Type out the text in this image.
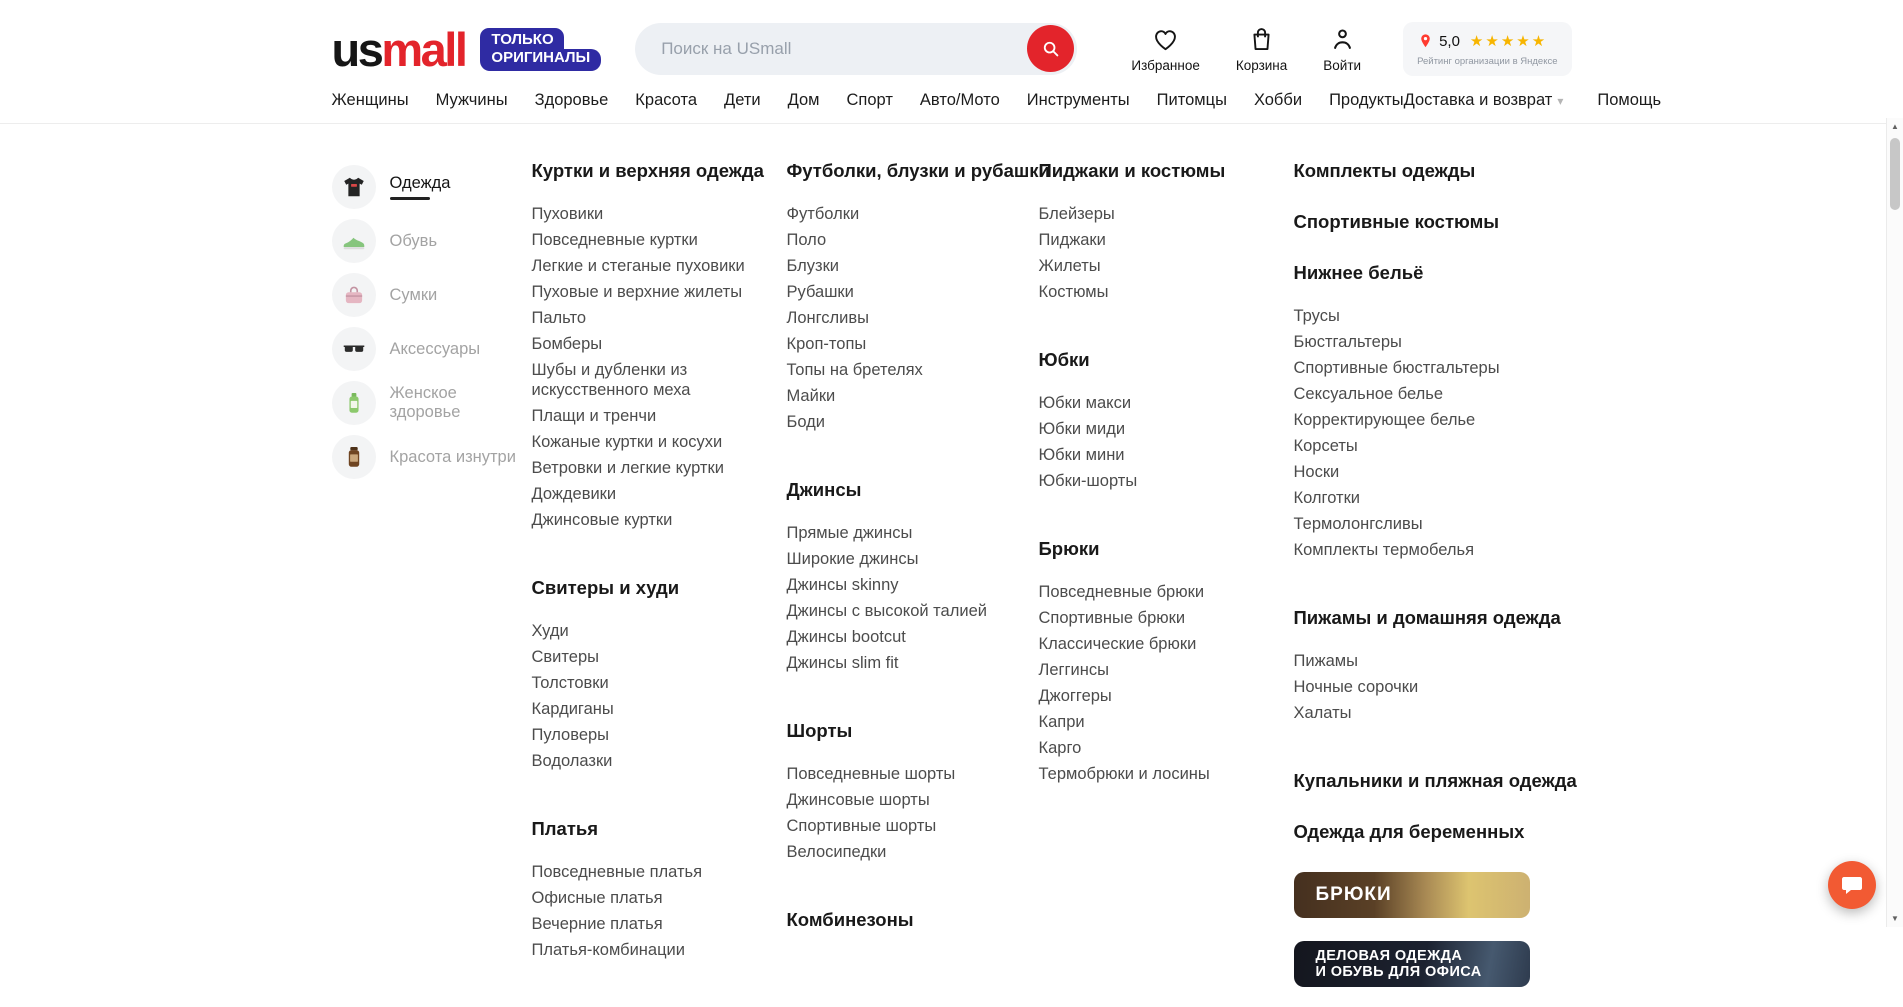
usmall	ТОЛЬКО
ОРИГИНАЛЫ
Поиск на USmall	Избранное	Корзина	Войти
5,0 ★★★★★
Рейтинг организации в Яндексе
Женщины Мужчины Здоровье Красота Дети Дом Спорт Авто/Мото Инструменты Питомцы Хобби Продукты Доставка и возврат ▾ Помощь
Одежда
Обувь
Сумки
Аксессуары
Женское здоровье
Красота изнутри
Куртки и верхняя одежда
Пуховики
Повседневные куртки
Легкие и стеганые пуховики
Пуховые и верхние жилеты
Пальто
Бомберы
Шубы и дубленки из искусственного меха
Плащи и тренчи
Кожаные куртки и косухи
Ветровки и легкие куртки
Дождевики
Джинсовые куртки
Свитеры и худи
Худи
Свитеры
Толстовки
Кардиганы
Пуловеры
Водолазки
Платья
Повседневные платья
Офисные платья
Вечерние платья
Платья-комбинации
Футболки, блузки и рубашки
Футболки
Поло
Блузки
Рубашки
Лонгсливы
Кроп-топы
Топы на бретелях
Майки
Боди
Джинсы
Прямые джинсы
Широкие джинсы
Джинсы skinny
Джинсы с высокой талией
Джинсы bootcut
Джинсы slim fit
Шорты
Повседневные шорты
Джинсовые шорты
Спортивные шорты
Велосипедки
Комбинезоны
Пиджаки и костюмы
Блейзеры
Пиджаки
Жилеты
Костюмы
Юбки
Юбки макси
Юбки миди
Юбки мини
Юбки-шорты
Брюки
Повседневные брюки
Спортивные брюки
Классические брюки
Леггинсы
Джоггеры
Капри
Карго
Термобрюки и лосины
Комплекты одежды
Спортивные костюмы
Нижнее бельё
Трусы
Бюстгальтеры
Спортивные бюстгальтеры
Сексуальное белье
Корректирующее белье
Корсеты
Носки
Колготки
Термолонгсливы
Комплекты термобелья
Пижамы и домашняя одежда
Пижамы
Ночные сорочки
Халаты
Купальники и пляжная одежда
Одежда для беременных
БРЮКИ
ДЕЛОВАЯ ОДЕЖДА
И ОБУВЬ ДЛЯ ОФИСА
▲
▼
